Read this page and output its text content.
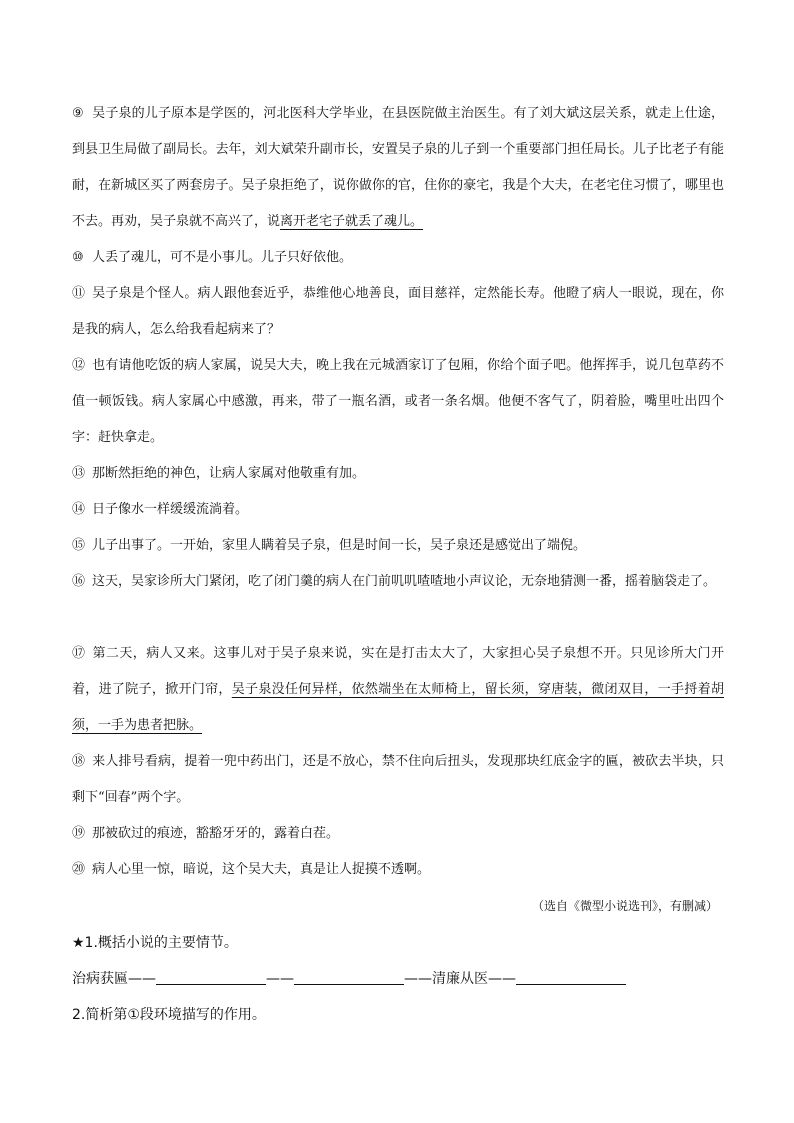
⑨ 吴子泉的儿子原本是学医的，河北医科大学毕业，在县医院做主治医生。有了刘大斌这层关系，就走上仕途，到县卫生局做了副局长。去年，刘大斌荣升副市长，安置吴子泉的儿子到一个重要部门担任局长。儿子比老子有能耐，在新城区买了两套房子。吴子泉拒绝了，说你做你的官，住你的豪宅，我是个大夫，在老宅住习惯了，哪里也不去。再劝，吴子泉就不高兴了，说离开老宅子就丢了魂儿。

⑩ 人丢了魂儿，可不是小事儿。儿子只好依他。

⑪ 吴子泉是个怪人。病人跟他套近乎，恭维他心地善良，面目慈祥，定然能长寿。他瞪了病人一眼说，现在，你是我的病人，怎么给我看起病来了？

⑫ 也有请他吃饭的病人家属，说吴大夫，晚上我在元城酒家订了包厢，你给个面子吧。他挥挥手，说几包草药不值一顿饭钱。病人家属心中感激，再来，带了一瓶名酒，或者一条名烟。他便不客气了，阴着脸，嘴里吐出四个字：赶快拿走。

⑬ 那断然拒绝的神色，让病人家属对他敬重有加。

⑭ 日子像水一样缓缓流淌着。

⑮ 儿子出事了。一开始，家里人瞒着吴子泉，但是时间一长，吴子泉还是感觉出了端倪。

⑯ 这天，吴家诊所大门紧闭，吃了闭门羹的病人在门前叽叽喳喳地小声议论，无奈地猜测一番，摇着脑袋走了。

⑰ 第二天，病人又来。这事儿对于吴子泉来说，实在是打击太大了，大家担心吴子泉想不开。只见诊所大门开着，进了院子，掀开门帘，吴子泉没任何异样，依然端坐在太师椅上，留长须，穿唐装，微闭双目，一手捋着胡须，一手为患者把脉。

⑱ 来人排号看病，提着一兜中药出门，还是不放心，禁不住向后扭头，发现那块红底金字的匾，被砍去半块，只剩下“回春”两个字。

⑲ 那被砍过的痕迹，豁豁牙牙的，露着白茬。

⑳ 病人心里一惊，暗说，这个吴大夫，真是让人捉摸不透啊。

（选自《微型小说选刊》，有删减）
★1.概括小说的主要情节。
治病获匾——	——	——清廉从医——
2.简析第①段环境描写的作用。
